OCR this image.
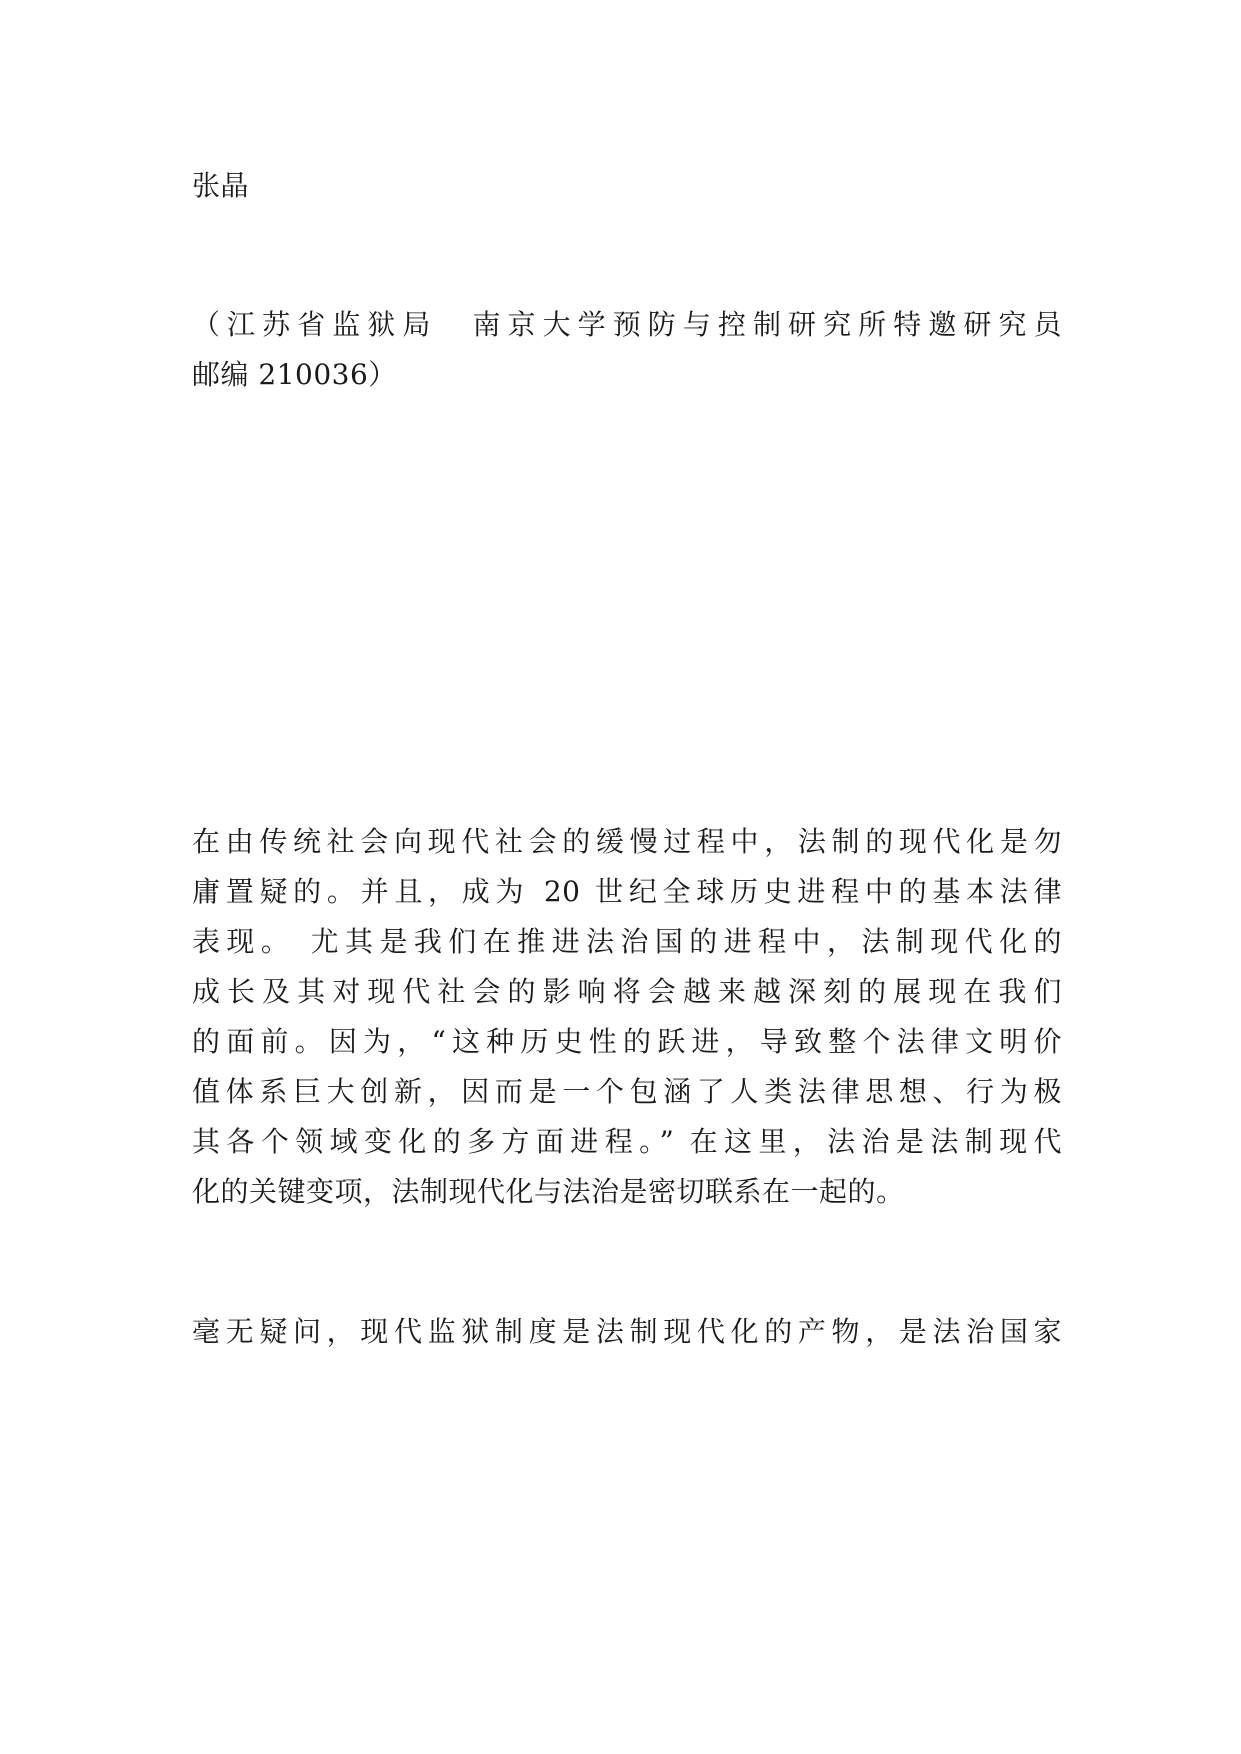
张晶
（江苏省监狱局　南京大学预防与控制研究所特邀研究员
邮编 210036）
在由传统社会向现代社会的缓慢过程中，法制的现代化是勿
庸置疑的。并且，成为 20 世纪全球历史进程中的基本法律
表现。 尤其是我们在推进法治国的进程中，法制现代化的
成长及其对现代社会的影响将会越来越深刻的展现在我们
的面前。因为，“这种历史性的跃进，导致整个法律文明价
值体系巨大创新，因而是一个包涵了人类法律思想、行为极
其各个领域变化的多方面进程。” 在这里，法治是法制现代
化的关键变项，法制现代化与法治是密切联系在一起的。
毫无疑问，现代监狱制度是法制现代化的产物，是法治国家
